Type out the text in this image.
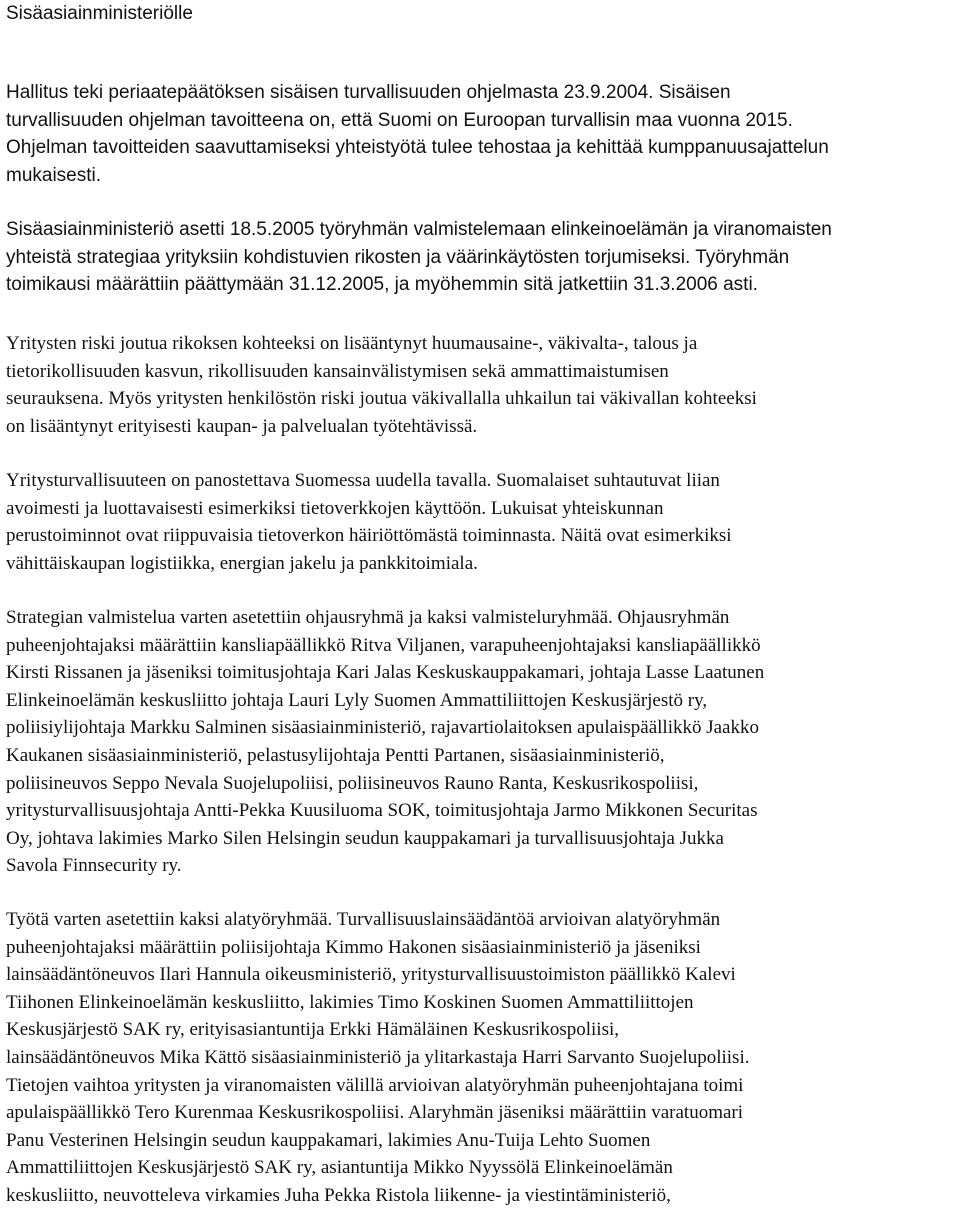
Sisäasiainministeriölle
Hallitus teki periaatepäätöksen sisäisen turvallisuuden ohjelmasta 23.9.2004. Sisäisen
turvallisuuden ohjelman tavoitteena on, että Suomi on Euroopan turvallisin maa vuonna 2015.
Ohjelman tavoitteiden saavuttamiseksi yhteistyötä tulee tehostaa ja kehittää kumppanuusajattelun
mukaisesti.
Sisäasiainministeriö asetti 18.5.2005 työryhmän valmistelemaan elinkeinoelämän ja viranomaisten
yhteistä strategiaa yrityksiin kohdistuvien rikosten ja väärinkäytösten torjumiseksi. Työryhmän
toimikausi määrättiin päättymään 31.12.2005, ja myöhemmin sitä jatkettiin 31.3.2006 asti.
Yritysten riski joutua rikoksen kohteeksi on lisääntynyt huumausaine-, väkivalta-, talous ja
tietorikollisuuden kasvun, rikollisuuden kansainvälistymisen sekä ammattimaistumisen
seurauksena. Myös yritysten henkilöstön riski joutua väkivallalla uhkailun tai väkivallan kohteeksi
on lisääntynyt erityisesti kaupan- ja palvelualan työtehtävissä.
Yritysturvallisuuteen on panostettava Suomessa uudella tavalla. Suomalaiset suhtautuvat liian
avoimesti ja luottavaisesti esimerkiksi tietoverkkojen käyttöön. Lukuisat yhteiskunnan
perustoiminnot ovat riippuvaisia tietoverkon häiriöttömästä toiminnasta. Näitä ovat esimerkiksi
vähittäiskaupan logistiikka, energian jakelu ja pankkitoimiala.
Strategian valmistelua varten asetettiin ohjausryhmä ja kaksi valmisteluryhmää. Ohjausryhmän
puheenjohtajaksi määrättiin kansliapäällikkö Ritva Viljanen, varapuheenjohtajaksi kansliapäällikkö
Kirsti Rissanen ja jäseniksi toimitusjohtaja Kari Jalas Keskuskauppakamari, johtaja Lasse Laatunen
Elinkeinoelämän keskusliitto johtaja Lauri Lyly Suomen Ammattiliittojen Keskusjärjestö ry,
poliisiylijohtaja Markku Salminen sisäasiainministeriö, rajavartiolaitoksen apulaispäällikkö Jaakko
Kaukanen sisäasiainministeriö, pelastusylijohtaja Pentti Partanen, sisäasiainministeriö,
poliisineuvos Seppo Nevala Suojelupoliisi, poliisineuvos Rauno Ranta, Keskusrikospoliisi,
yritysturvallisuusjohtaja Antti-Pekka Kuusiluoma SOK, toimitusjohtaja Jarmo Mikkonen Securitas
Oy, johtava lakimies Marko Silen Helsingin seudun kauppakamari ja turvallisuusjohtaja Jukka
Savola Finnsecurity ry.
Työtä varten asetettiin kaksi alatyöryhmää. Turvallisuuslainsäädäntöä arvioivan alatyöryhmän
puheenjohtajaksi määrättiin poliisijohtaja Kimmo Hakonen sisäasiainministeriö ja jäseniksi
lainsäädäntöneuvos Ilari Hannula oikeusministeriö, yritysturvallisuustoimiston päällikkö Kalevi
Tiihonen Elinkeinoelämän keskusliitto, lakimies Timo Koskinen Suomen Ammattiliittojen
Keskusjärjestö SAK ry, erityisasiantuntija Erkki Hämäläinen Keskusrikospoliisi,
lainsäädäntöneuvos Mika Kättö sisäasiainministeriö ja ylitarkastaja Harri Sarvanto Suojelupoliisi.
Tietojen vaihtoa yritysten ja viranomaisten välillä arvioivan alatyöryhmän puheenjohtajana toimi
apulaispäällikkö Tero Kurenmaa Keskusrikospoliisi. Alaryhmän jäseniksi määrättiin varatuomari
Panu Vesterinen Helsingin seudun kauppakamari, lakimies Anu-Tuija Lehto Suomen
Ammattiliittojen Keskusjärjestö SAK ry, asiantuntija Mikko Nyyssölä Elinkeinoelämän
keskusliitto, neuvotteleva virkamies Juha Pekka Ristola liikenne- ja viestintäministeriö,
